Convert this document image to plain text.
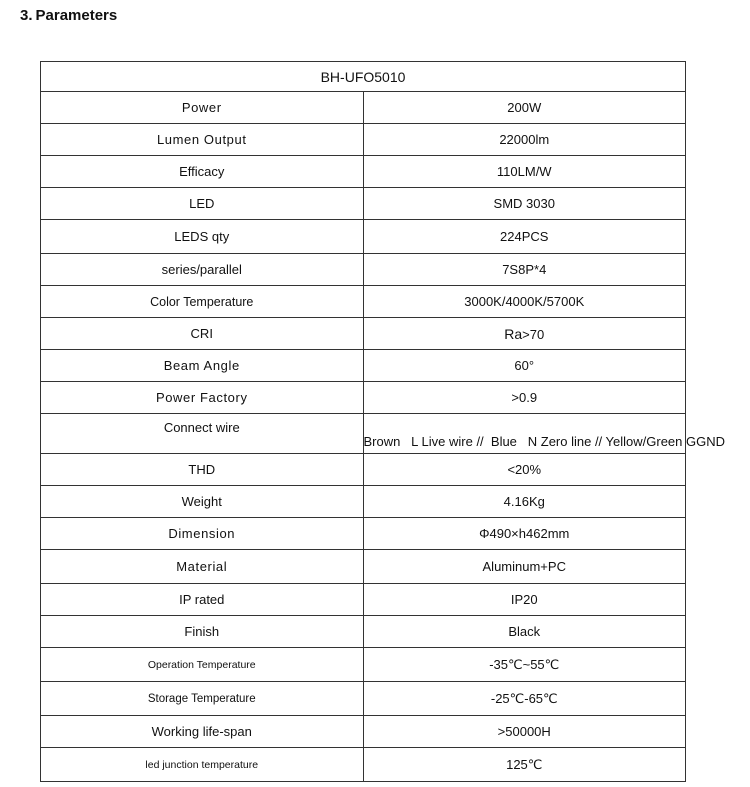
3. Parameters
BH-UFO5010	
Power	200W
Lumen Output	22000lm
Efficacy	110LM/W
LED	SMD 3030
LEDS qty	224PCS
series/parallel	7S8P*4
Color Temperature	3000K/4000K/5700K
CRI	Ra>70
Beam Angle	60°
Power Factory	>0.9
Connect wire	Brown   L Live wire //  Blue   N Zero line // Yellow/Green GGND
THD	<20%
Weight	4.16Kg
Dimension	Φ490×h462mm
Material	Aluminum+PC
IP rated	IP20
Finish	Black
Operation Temperature	-35℃~55℃
Storage Temperature	-25℃-65℃
Working life-span	>50000H
led junction temperature	125℃
